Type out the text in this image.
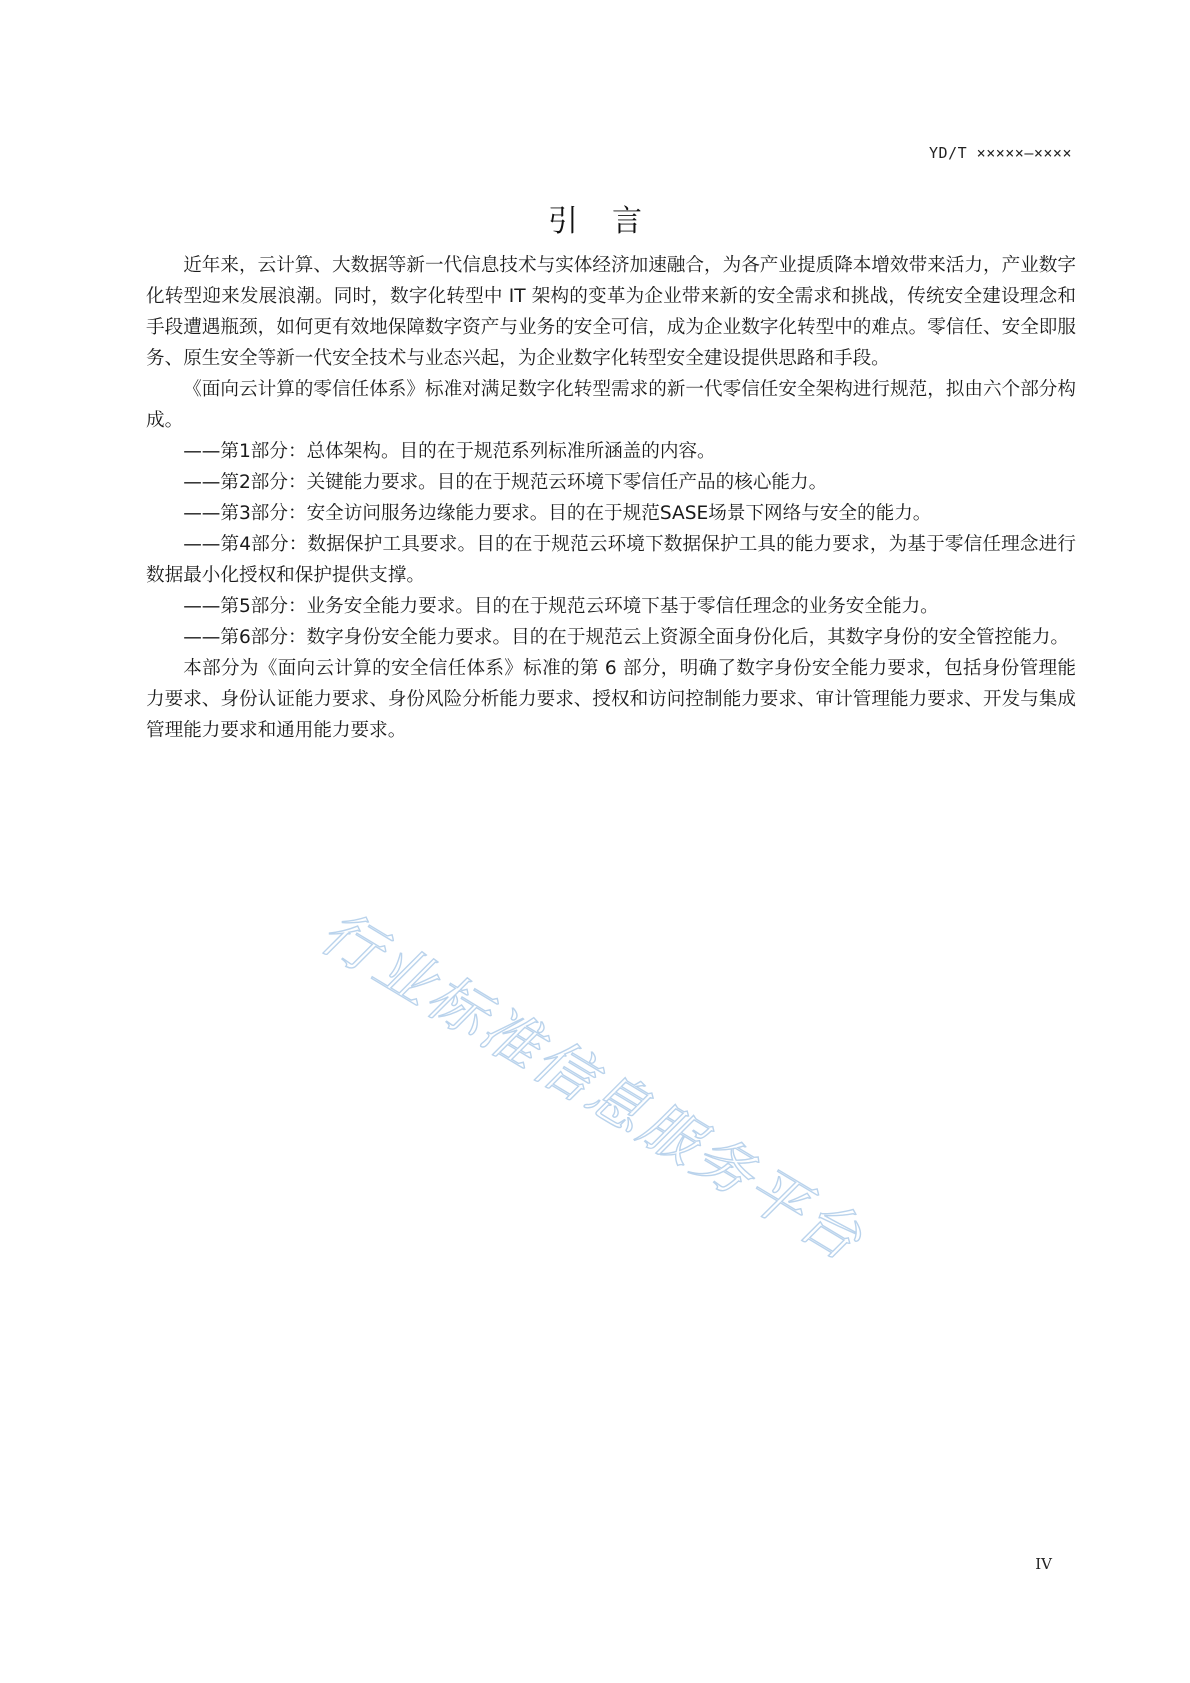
YD/T ×××××—××××
引言

近年来，云计算、大数据等新一代信息技术与实体经济加速融合，为各产业提质降本增效带来活力，产业数字化转型迎来发展浪潮。同时，数字化转型中 IT 架构的变革为企业带来新的安全需求和挑战，传统安全建设理念和手段遭遇瓶颈，如何更有效地保障数字资产与业务的安全可信，成为企业数字化转型中的难点。零信任、安全即服务、原生安全等新一代安全技术与业态兴起，为企业数字化转型安全建设提供思路和手段。

《面向云计算的零信任体系》标准对满足数字化转型需求的新一代零信任安全架构进行规范，拟由六个部分构成。

——第1部分：总体架构。目的在于规范系列标准所涵盖的内容。

——第2部分：关键能力要求。目的在于规范云环境下零信任产品的核心能力。

——第3部分：安全访问服务边缘能力要求。目的在于规范SASE场景下网络与安全的能力。

——第4部分：数据保护工具要求。目的在于规范云环境下数据保护工具的能力要求，为基于零信任理念进行数据最小化授权和保护提供支撑。

——第5部分：业务安全能力要求。目的在于规范云环境下基于零信任理念的业务安全能力。

——第6部分：数字身份安全能力要求。目的在于规范云上资源全面身份化后，其数字身份的安全管控能力。

本部分为《面向云计算的安全信任体系》标准的第 6 部分，明确了数字身份安全能力要求，包括身份管理能力要求、身份认证能力要求、身份风险分析能力要求、授权和访问控制能力要求、审计管理能力要求、开发与集成管理能力要求和通用能力要求。

行业标准信息服务平台
IV
